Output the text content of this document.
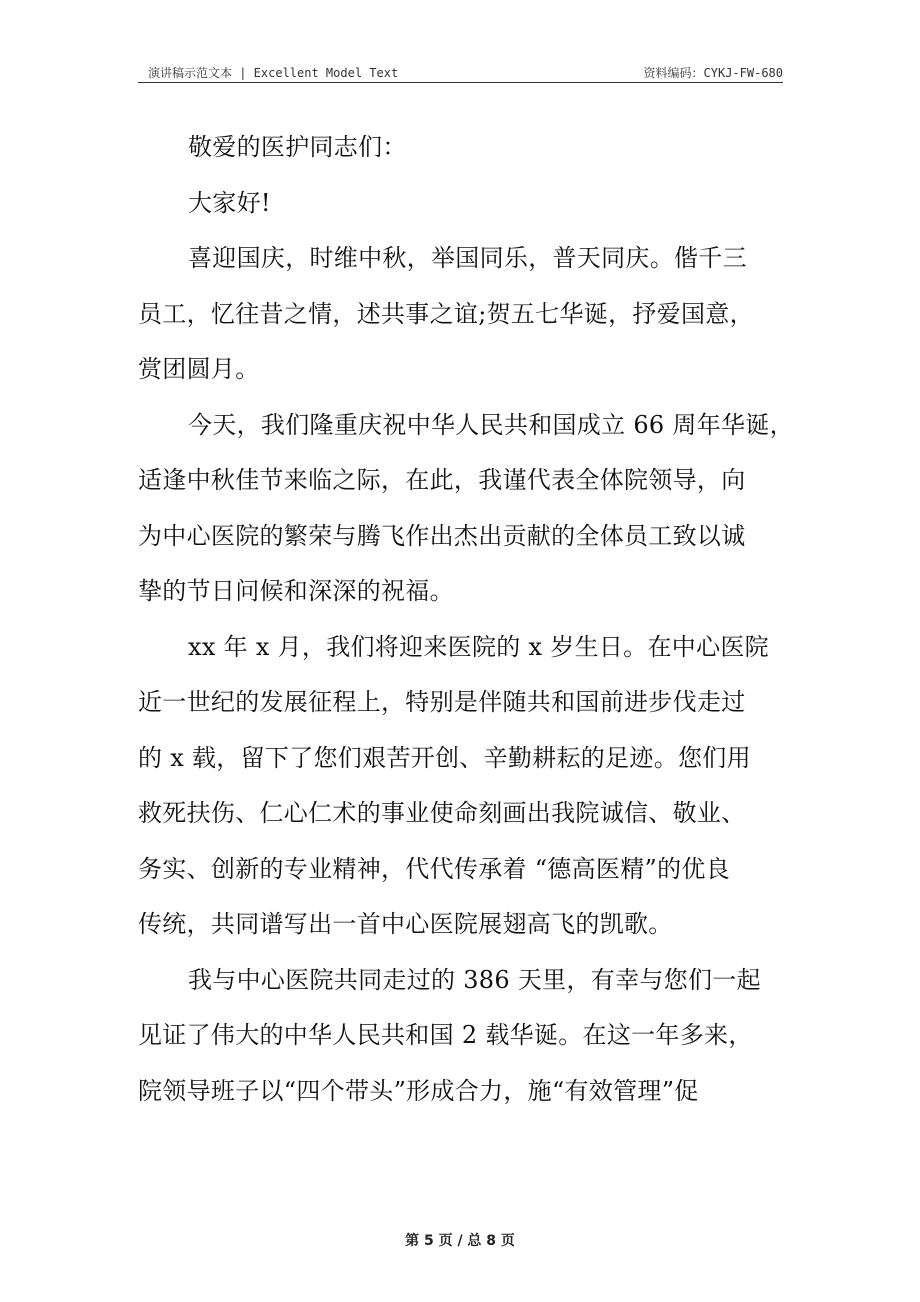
演讲稿示范文本 | Excellent Model Text	资料编码：CYKJ-FW-680
敬爱的医护同志们：
大家好!
喜迎国庆，时维中秋，举国同乐，普天同庆。偕千三
员工，忆往昔之情，述共事之谊;贺五七华诞，抒爱国意，
赏团圆月。
今天，我们隆重庆祝中华人民共和国成立 66 周年华诞，
适逢中秋佳节来临之际，在此，我谨代表全体院领导，向
为中心医院的繁荣与腾飞作出杰出贡献的全体员工致以诚
挚的节日问候和深深的祝福。
xx 年 x 月，我们将迎来医院的 x 岁生日。在中心医院
近一世纪的发展征程上，特别是伴随共和国前进步伐走过
的 x 载，留下了您们艰苦开创、辛勤耕耘的足迹。您们用
救死扶伤、仁心仁术的事业使命刻画出我院诚信、敬业、
务实、创新的专业精神，代代传承着 “德高医精”的优良
传统，共同谱写出一首中心医院展翅高飞的凯歌。
我与中心医院共同走过的 386 天里，有幸与您们一起
见证了伟大的中华人民共和国 2 载华诞。在这一年多来，
院领导班子以“四个带头”形成合力，施“有效管理”促
第 5 页 / 总 8 页
